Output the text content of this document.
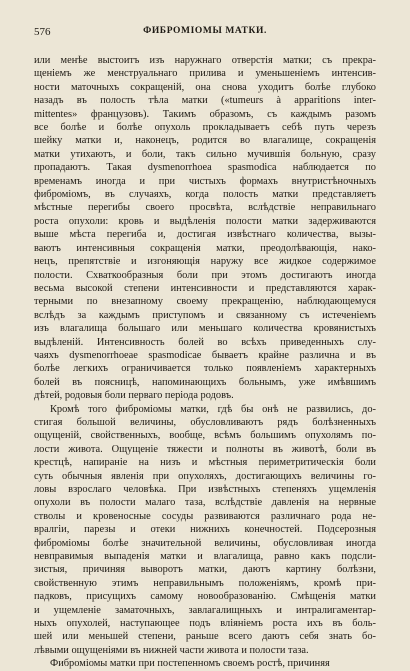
576	ФИБРОМІОМЫ МАТКИ.

или менѣе выстоитъ изъ наружнаго отверстія матки; съ прекра-
щеніемъ же менструальнаго прилива и уменьшеніемъ интенсив-
ности маточныхъ сокращеній, она снова уходитъ болѣе глубоко
назадъ въ полость тѣла матки («tumeurs à apparitions inter-
mittentes» французовъ). Такимъ образомъ, съ каждымъ разомъ
все болѣе и болѣе опухоль прокладываетъ себѣ путь черезъ
шейку матки и, наконецъ, родится во влагалище, сокращенія
матки утихаютъ, и боли, такъ сильно мучившія больную, сразу
пропадаютъ. Такая dysmenorrhoea spasmodica наблюдается по
временамъ иногда и при чистыхъ формахъ внутристѣночныхъ
фибромiомъ, въ случаяхъ, когда полость матки представляетъ
мѣстные перегибы своего просвѣта, вслѣдствіе неправильнаго
роста опухоли: кровь и выдѣленія полости матки задерживаются
выше мѣста перегиба и, достигая извѣстнаго количества, вызы-
ваютъ интенсивныя сокращенія матки, преодолѣвающія, нако-
нецъ, препятствіе и изгоняющія наружу все жидкое содержимое
полости. Схваткообразныя боли при этомъ достигаютъ иногда
весьма высокой степени интенсивности и представляются харак-
терными по внезапному своему прекращенію, наблюдающемуся
вслѣдъ за каждымъ приступомъ и связанному съ истеченіемъ
изъ влагалища большаго или меньшаго количества кровянистыхъ
выдѣленій. Интенсивность болей во всѣхъ приведенныхъ слу-
чаяхъ dysmenorrhoeae spasmodicae бываетъ крайне различна и въ
болѣе легкихъ ограничивается только появленіемъ характерныхъ
болей въ поясницѣ, напоминающихъ больнымъ, уже имѣвшимъ
дѣтей, родовыя боли перваго періода родовъ.

Кромѣ того фибромiомы матки, гдѣ бы онѣ не развились, до-
стигая большой величины, обусловливаютъ рядъ болѣзненныхъ
ощущеній, свойственныхъ, вообще, всѣмъ большимъ опухолямъ по-
лости живота. Ощущеніе тяжести и полноты въ животѣ, боли въ
крестцѣ, напираніе на низъ и мѣстныя периметритическія боли
суть обычныя явленія при опухоляхъ, достигающихъ величины го-
ловы взрослаго человѣка. При извѣстныхъ степеняхъ ущемленія
опухоли въ полости малаго таза, вслѣдствіе давленія на нервные
стволы и кровеносные сосуды развиваются различнаго рода не-
вралгіи, парезы и отеки нижнихъ конечностей. Подсерозныя
фибромiомы болѣе значительной величины, обусловливая иногда
невправимыя выпаденія матки и влагалища, равно какъ подсли-
зистыя, причиняя выворотъ матки, даютъ картину болѣзни,
свойственную этимъ неправильнымъ положеніямъ, кромѣ при-
падковъ, присущихъ самому новообразованію. Смѣщенія матки
и ущемленіе заматочныхъ, завлагалищныхъ и интралигаментар-
ныхъ опухолей, наступающее подъ вліяніемъ роста ихъ въ боль-
шей или меньшей степени, раньше всего даютъ себя знать бо-
лѣвыми ощущеніями въ нижней части живота и полости таза.

Фибромiомы матки при постепенномъ своемъ ростѣ, причиняя
